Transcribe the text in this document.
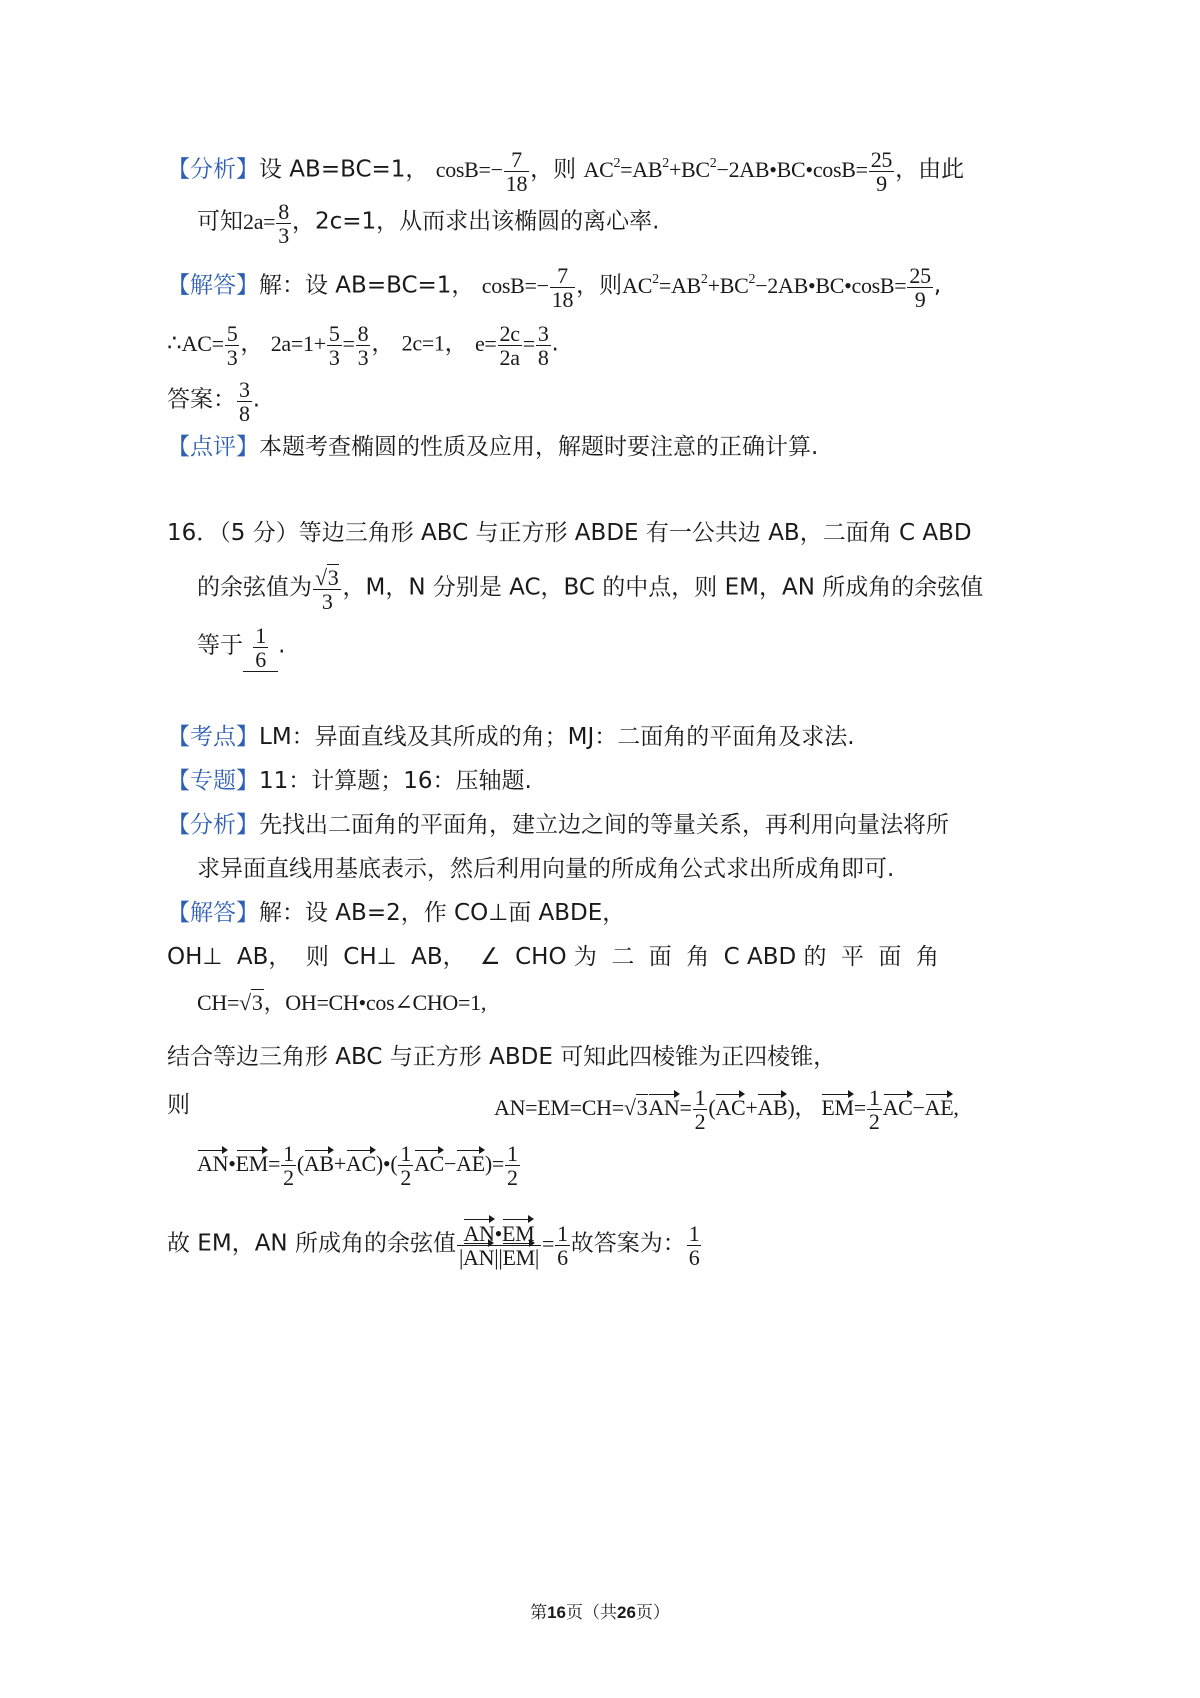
【分析】设 AB=BC=1， $\cos B=- \frac{7}{18}$ ，则 $AC^2=AB^2+BC^2-2AB•BC•\cos B= \frac{25}{9}$ ，由此
可知$2a= \frac{8}{3}$ ，2c=1，从而求出该椭圆的离心率.
【解答】解：设 AB=BC=1， $\cos B=- \frac{7}{18}$ ，则$AC^2=AB^2+BC^2-2AB•BC•\cos B= \frac{25}{9}$ ,
∴AC= $\frac{5}{3}$ ， $2a=1+ \frac{5}{3} = \frac{8}{3}$ ， 2c=1， $e= \frac{2c}{2a} = \frac{3}{8}$ .
答案： $\frac{3}{8}$ .
【点评】本题考查椭圆的性质及应用，解题时要注意的正确计算.
16．（5 分）等边三角形 ABC 与正方形 ABDE 有一公共边 AB，二面角 C ABD
的余弦值为 $\frac{√3}{3}$ ，M，N 分别是 AC，BC 的中点，则 EM，AN 所成角的余弦值
等于 $\frac{1}{6}$ .
【考点】LM：异面直线及其所成的角；MJ：二面角的平面角及求法.
【专题】11：计算题；16：压轴题.
【分析】先找出二面角的平面角，建立边之间的等量关系，再利用向量法将所
求异面直线用基底表示，然后利用向量的所成角公式求出所成角即可.
【解答】解：设 AB=2，作 CO⊥面 ABDE，
OH⊥ AB， 则 CH⊥ AB， ∠ CHO 为 二 面 角 C ABD 的 平 面 角
CH=√3，OH=CH•cos∠CHO=1,
结合等边三角形 ABC 与正方形 ABDE 可知此四棱锥为正四棱锥，
则	$AN=EM=CH=√3AN= \frac{1}{2} (AC+AB)$， $EM= \frac{1}{2} AC-AE$,
AN•EM= $\frac{1}{2}$ (AB+AC)•( $\frac{1}{2} AC-AE)= \frac{1}{2}$
故 EM，AN 所成角的余弦值 $\frac{AN•EM}{|AN||EM|} = \frac{1}{6}$ 故答案为： $\frac{1}{6}$
第16页（共26页）
